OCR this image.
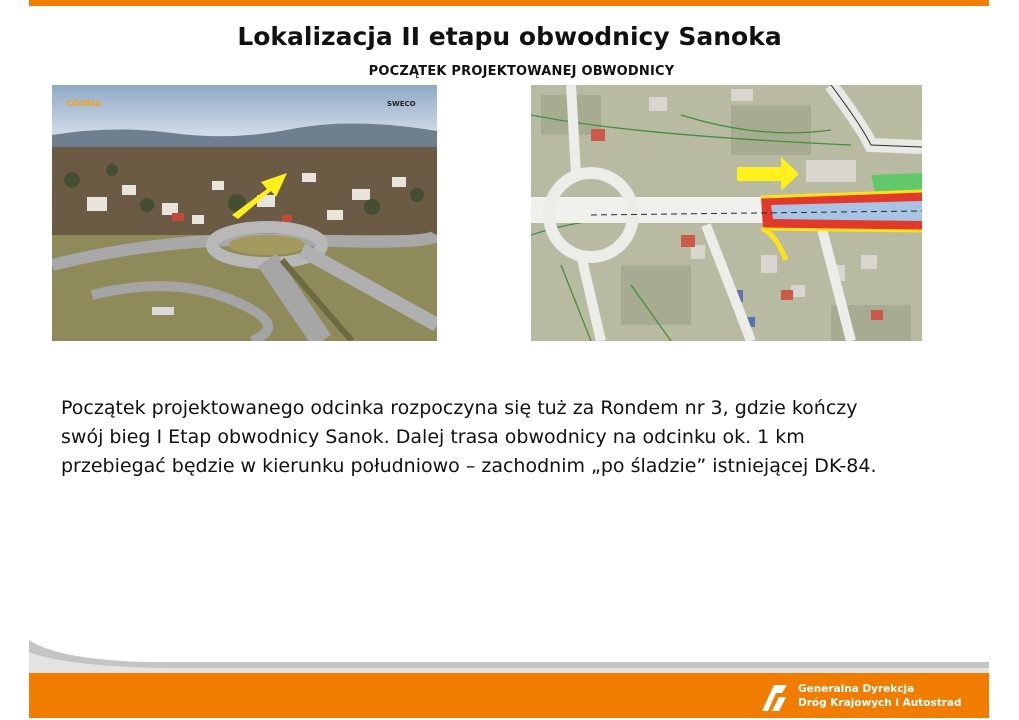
Lokalizacja II etapu obwodnicy Sanoka
POCZĄTEK PROJEKTOWANEJ OBWODNICY
COORIA	SWECO
Początek projektowanego odcinka rozpoczyna się tuż za Rondem nr 3, gdzie kończy
swój bieg I Etap obwodnicy Sanok. Dalej trasa obwodnicy na odcinku ok. 1 km
przebiegać będzie w kierunku południowo – zachodnim „po śladzie” istniejącej DK-84.
Generalna Dyrekcja
Dróg Krajowych i Autostrad
